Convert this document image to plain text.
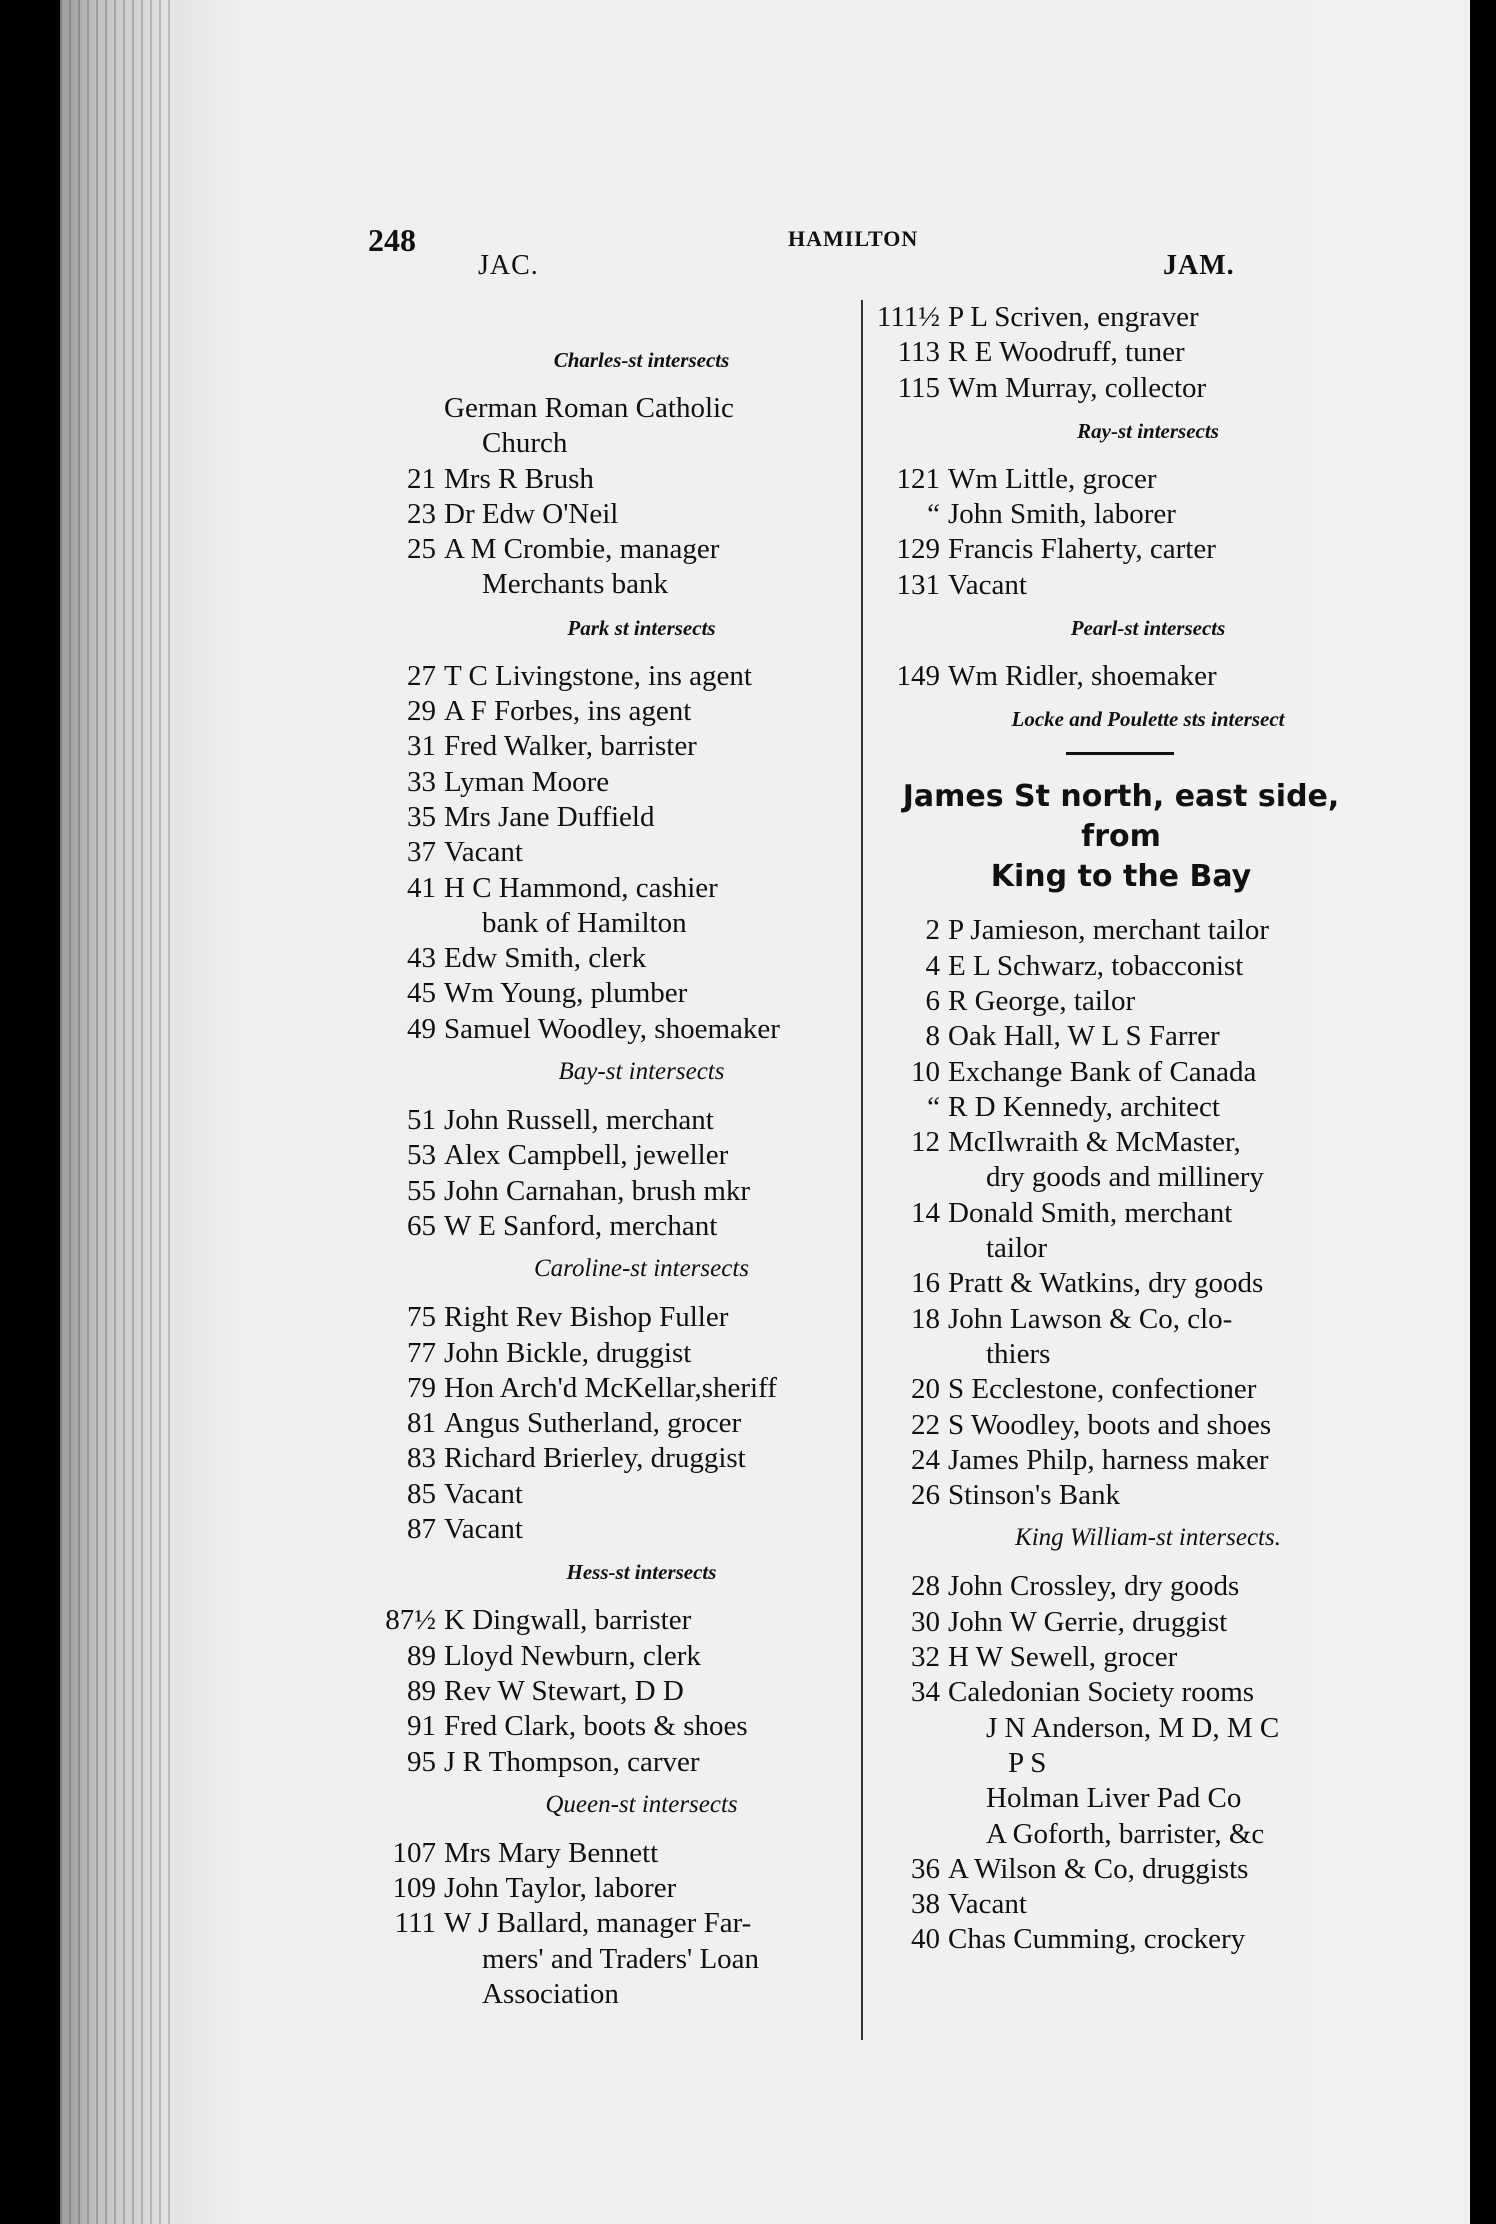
248	HAMILTON
JAC.	JAM.
Charles-st intersects
German Roman Catholic
Church
21 Mrs R Brush
23 Dr Edw O'Neil
25 A M Crombie, manager
Merchants bank
Park st intersects
27 T C Livingstone, ins agent
29 A F Forbes, ins agent
31 Fred Walker, barrister
33 Lyman Moore
35 Mrs Jane Duffield
37 Vacant
41 H C Hammond, cashier
bank of Hamilton
43 Edw Smith, clerk
45 Wm Young, plumber
49 Samuel Woodley, shoemaker
Bay-st intersects
51 John Russell, merchant
53 Alex Campbell, jeweller
55 John Carnahan, brush mkr
65 W E Sanford, merchant
Caroline-st intersects
75 Right Rev Bishop Fuller
77 John Bickle, druggist
79 Hon Arch'd McKellar,sheriff
81 Angus Sutherland, grocer
83 Richard Brierley, druggist
85 Vacant
87 Vacant
Hess-st intersects
87½ K Dingwall, barrister
89 Lloyd Newburn, clerk
89 Rev W Stewart, D D
91 Fred Clark, boots & shoes
95 J R Thompson, carver
Queen-st intersects
107 Mrs Mary Bennett
109 John Taylor, laborer
111 W J Ballard, manager Far-
mers' and Traders' Loan
Association
111½ P L Scriven, engraver
113 R E Woodruff, tuner
115 Wm Murray, collector
Ray-st intersects
121 Wm Little, grocer
“ John Smith, laborer
129 Francis Flaherty, carter
131 Vacant
Pearl-st intersects
149 Wm Ridler, shoemaker
Locke and Poulette sts intersect
James St north, east side, from
King to the Bay
2 P Jamieson, merchant tailor
4 E L Schwarz, tobacconist
6 R George, tailor
8 Oak Hall, W L S Farrer
10 Exchange Bank of Canada
“ R D Kennedy, architect
12 McIlwraith & McMaster,
dry goods and millinery
14 Donald Smith, merchant
tailor
16 Pratt & Watkins, dry goods
18 John Lawson & Co, clo-
thiers
20 S Ecclestone, confectioner
22 S Woodley, boots and shoes
24 James Philp, harness maker
26 Stinson's Bank
King William-st intersects.
28 John Crossley, dry goods
30 John W Gerrie, druggist
32 H W Sewell, grocer
34 Caledonian Society rooms
J N Anderson, M D, M C
P S
Holman Liver Pad Co
A Goforth, barrister, &c
36 A Wilson & Co, druggists
38 Vacant
40 Chas Cumming, crockery
